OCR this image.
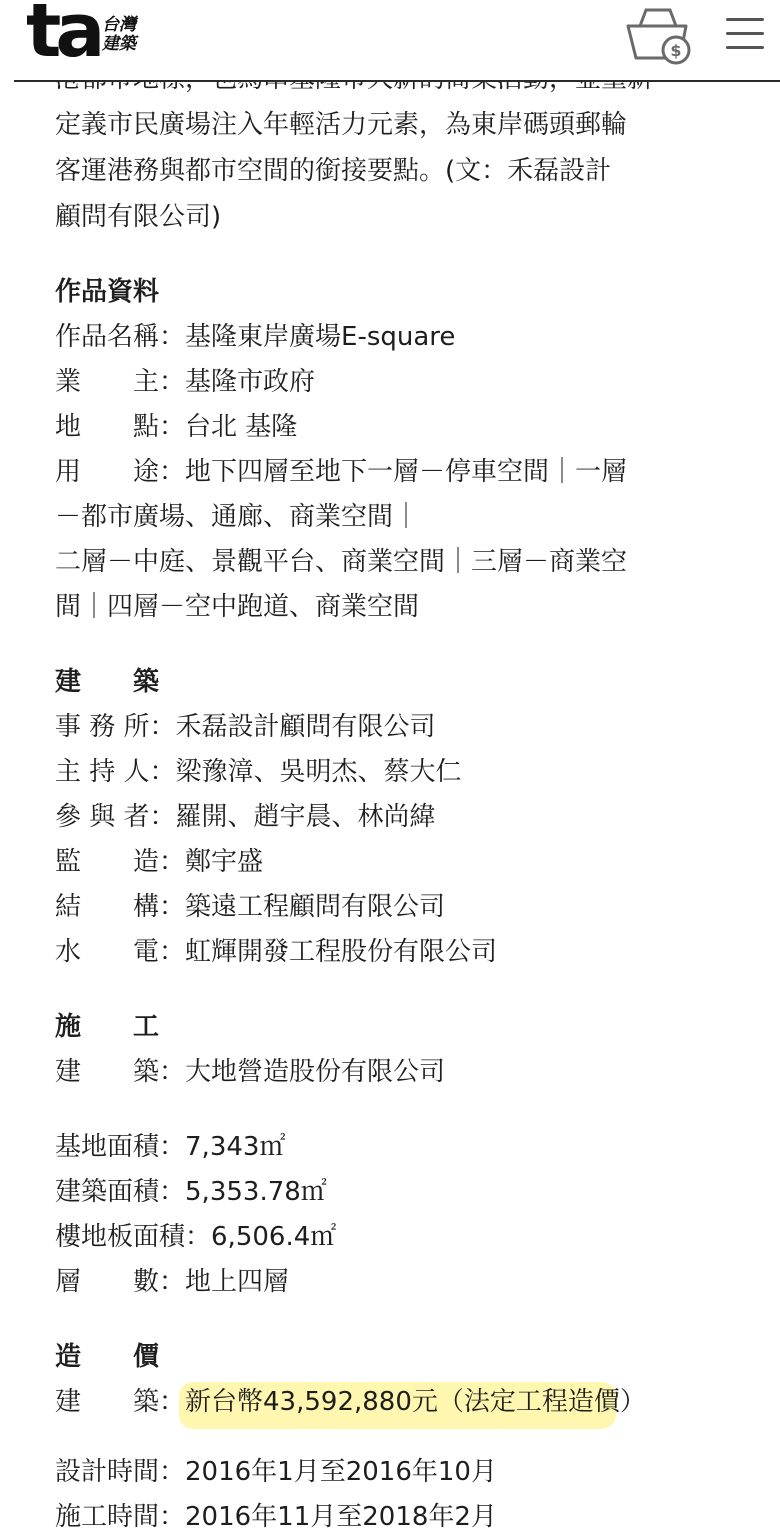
ta 台灣建築	$
定義市民廣場注入年輕活力元素，為東岸碼頭郵輪
客運港務與都市空間的銜接要點。(文：禾磊設計
顧問有限公司)
作品資料
作品名稱：基隆東岸廣場E-square
業　　主：基隆市政府
地　　點：台北 基隆
用　　途：地下四層至地下一層－停車空間｜一層
－都市廣場、通廊、商業空間｜
二層－中庭、景觀平台、商業空間｜三層－商業空
間｜四層－空中跑道、商業空間
建　　築
事 務 所：禾磊設計顧問有限公司
主 持 人：梁豫漳、吳明杰、蔡大仁
參 與 者：羅開、趙宇晨、林尚緯
監　　造：鄭宇盛
結　　構：築遠工程顧問有限公司
水　　電：虹輝開發工程股份有限公司
施　　工
建　　築：大地營造股份有限公司
基地面積：7,343㎡
建築面積：5,353.78㎡
樓地板面積：6,506.4㎡
層　　數：地上四層
造　　價
建　　築：
新台幣43,592,880元（法定工程造價）
設計時間：2016年1月至2016年10月
施工時間：2016年11月至2018年2月
